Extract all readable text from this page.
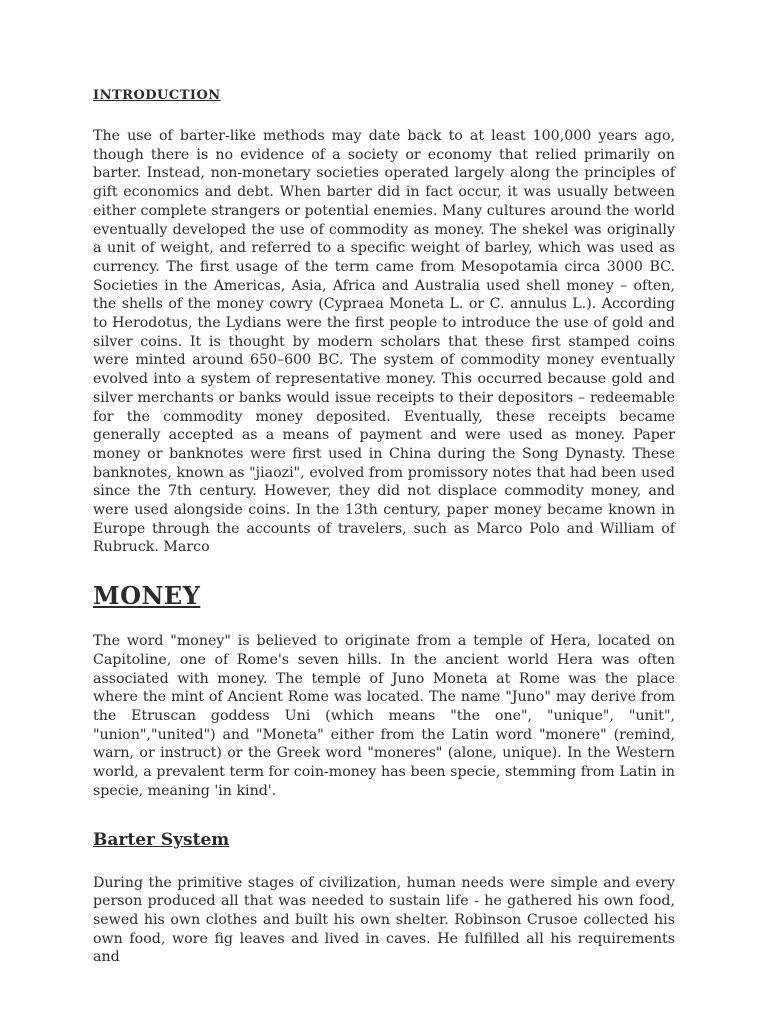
INTRODUCTION

The use of barter-like methods may date back to at least 100,000 years ago, though there is no evidence of a society or economy that relied primarily on barter. Instead, non-monetary societies operated largely along the principles of gift economics and debt. When barter did in fact occur, it was usually between either complete strangers or potential enemies. Many cultures around the world eventually developed the use of commodity as money. The shekel was originally a unit of weight, and referred to a specific weight of barley, which was used as currency. The first usage of the term came from Mesopotamia circa 3000 BC. Societies in the Americas, Asia, Africa and Australia used shell money – often, the shells of the money cowry (Cypraea Moneta L. or C. annulus L.). According to Herodotus, the Lydians were the first people to introduce the use of gold and silver coins. It is thought by modern scholars that these first stamped coins were minted around 650–600 BC. The system of commodity money eventually evolved into a system of representative money. This occurred because gold and silver merchants or banks would issue receipts to their depositors – redeemable for the commodity money deposited. Eventually, these receipts became generally accepted as a means of payment and were used as money. Paper money or banknotes were first used in China during the Song Dynasty. These banknotes, known as "jiaozi", evolved from promissory notes that had been used since the 7th century. However, they did not displace commodity money, and were used alongside coins. In the 13th century, paper money became known in Europe through the accounts of travelers, such as Marco Polo and William of Rubruck. Marco

MONEY

The word "money" is believed to originate from a temple of Hera, located on Capitoline, one of Rome's seven hills. In the ancient world Hera was often associated with money. The temple of Juno Moneta at Rome was the place where the mint of Ancient Rome was located. The name "Juno" may derive from the Etruscan goddess Uni (which means "the one", "unique", "unit", "union","united") and "Moneta" either from the Latin word "monere" (remind, warn, or instruct) or the Greek word "moneres" (alone, unique). In the Western world, a prevalent term for coin-money has been specie, stemming from Latin in specie, meaning 'in kind'.

Barter System

During the primitive stages of civilization, human needs were simple and every person produced all that was needed to sustain life - he gathered his own food, sewed his own clothes and built his own shelter. Robinson Crusoe collected his own food, wore fig leaves and lived in caves. He fulfilled all his requirements and
